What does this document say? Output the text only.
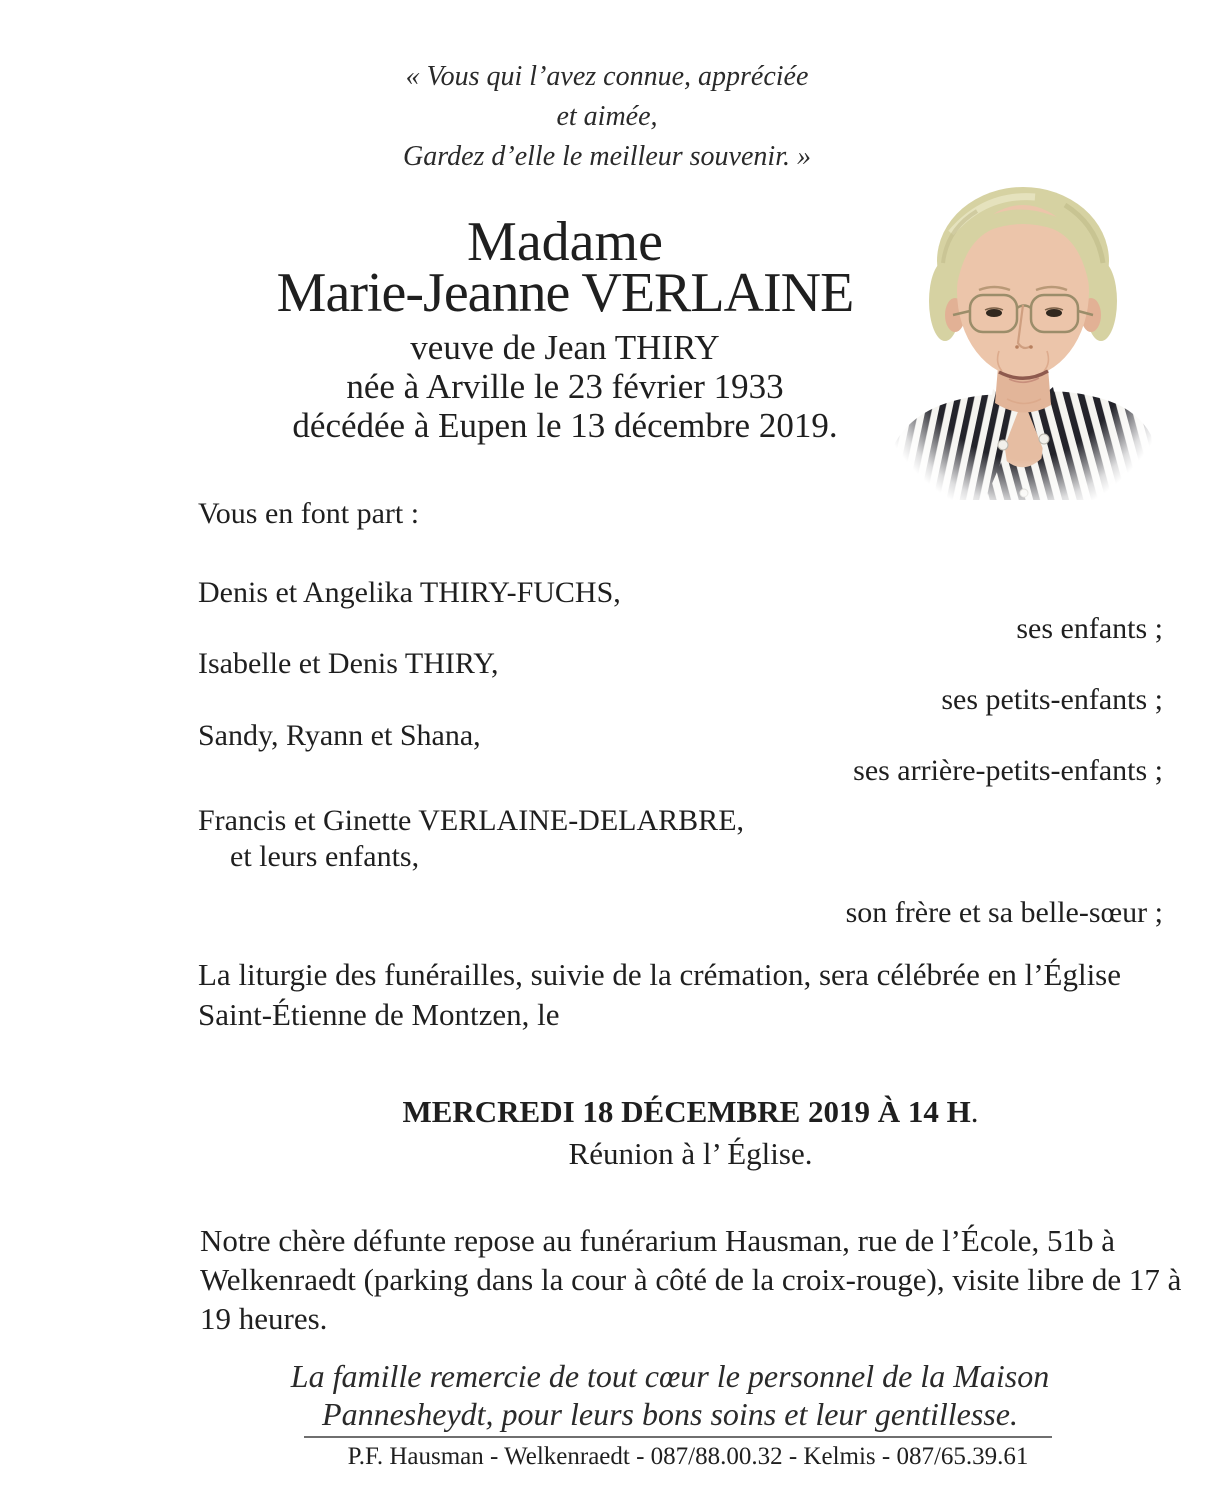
« Vous qui l’avez connue, appréciée
et aimée,
Gardez d’elle le meilleur souvenir. »
Madame
Marie-Jeanne VERLAINE
veuve de Jean THIRY
née à Arville le 23 février 1933
décédée à Eupen le 13 décembre 2019.
Vous en font part :
Denis et Angelika THIRY-FUCHS,
ses enfants ;
Isabelle et Denis THIRY,
ses petits-enfants ;
Sandy, Ryann et Shana,
ses arrière-petits-enfants ;
Francis et Ginette VERLAINE-DELARBRE,
et leurs enfants,
son frère et sa belle-sœur ;
La liturgie des funérailles, suivie de la crémation, sera célébrée en l’Église
Saint-Étienne de Montzen, le
MERCREDI 18 DÉCEMBRE 2019 À 14 H.
Réunion à l’ Église.
Notre chère défunte repose au funérarium Hausman, rue de l’École, 51b à
Welkenraedt (parking dans la cour à côté de la croix-rouge), visite libre de 17 à
19 heures.
La famille remercie de tout cœur le personnel de la Maison
Pannesheydt, pour leurs bons soins et leur gentillesse.
P.F. Hausman - Welkenraedt - 087/88.00.32 - Kelmis - 087/65.39.61
